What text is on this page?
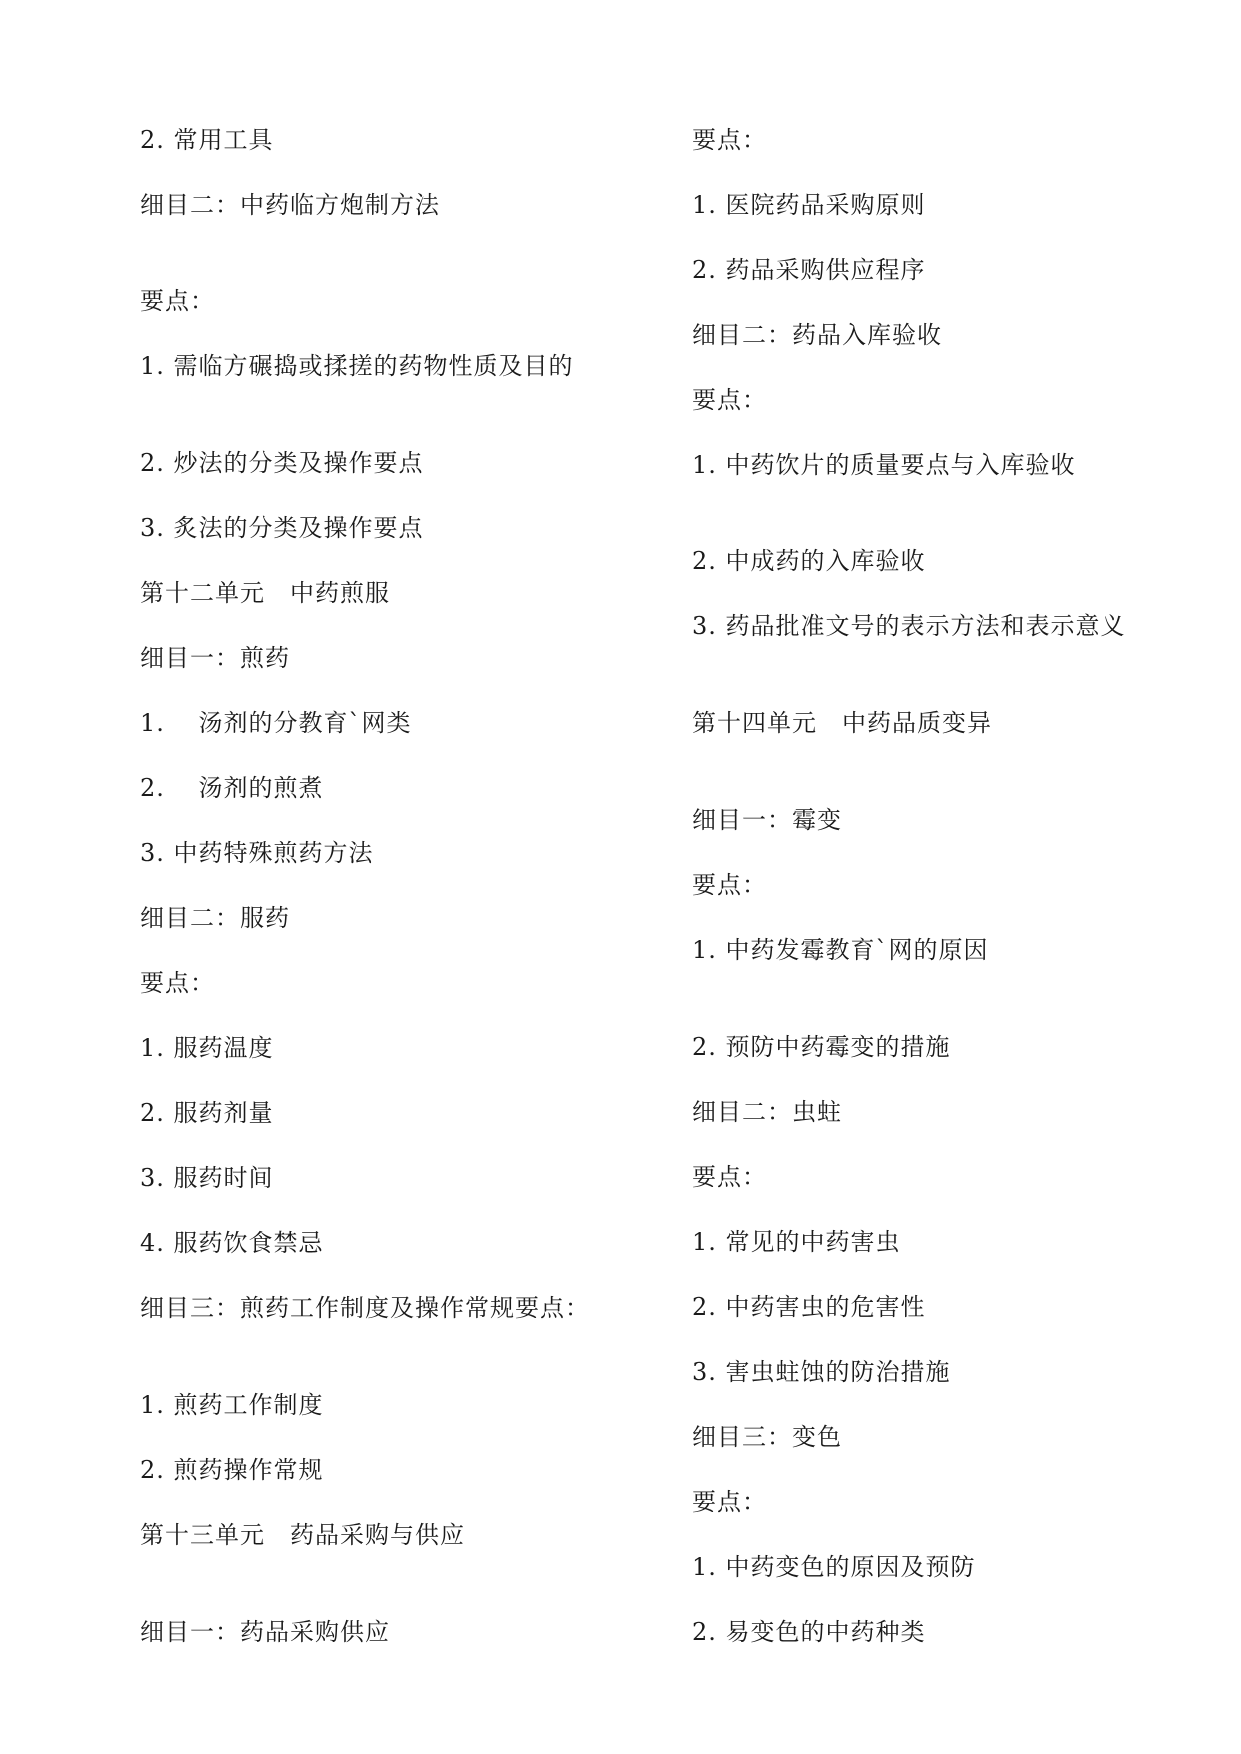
2. 常用工具
细目二：中药临方炮制方法
要点：
1. 需临方碾捣或揉搓的药物性质及目的
2. 炒法的分类及操作要点
3. 炙法的分类及操作要点
第十二单元　中药煎服
细目一：煎药
1.　 汤剂的分教育`网类
2.　 汤剂的煎煮
3. 中药特殊煎药方法
细目二：服药
要点：
1. 服药温度
2. 服药剂量
3. 服药时间
4. 服药饮食禁忌
细目三：煎药工作制度及操作常规要点：
1. 煎药工作制度
2. 煎药操作常规
第十三单元　药品采购与供应
细目一：药品采购供应
要点：
1. 医院药品采购原则
2. 药品采购供应程序
细目二：药品入库验收
要点：
1. 中药饮片的质量要点与入库验收
2. 中成药的入库验收
3. 药品批准文号的表示方法和表示意义
第十四单元　中药品质变异
细目一：霉变
要点：
1. 中药发霉教育`网的原因
2. 预防中药霉变的措施
细目二：虫蛀
要点：
1. 常见的中药害虫
2. 中药害虫的危害性
3. 害虫蛀蚀的防治措施
细目三：变色
要点：
1. 中药变色的原因及预防
2. 易变色的中药种类
